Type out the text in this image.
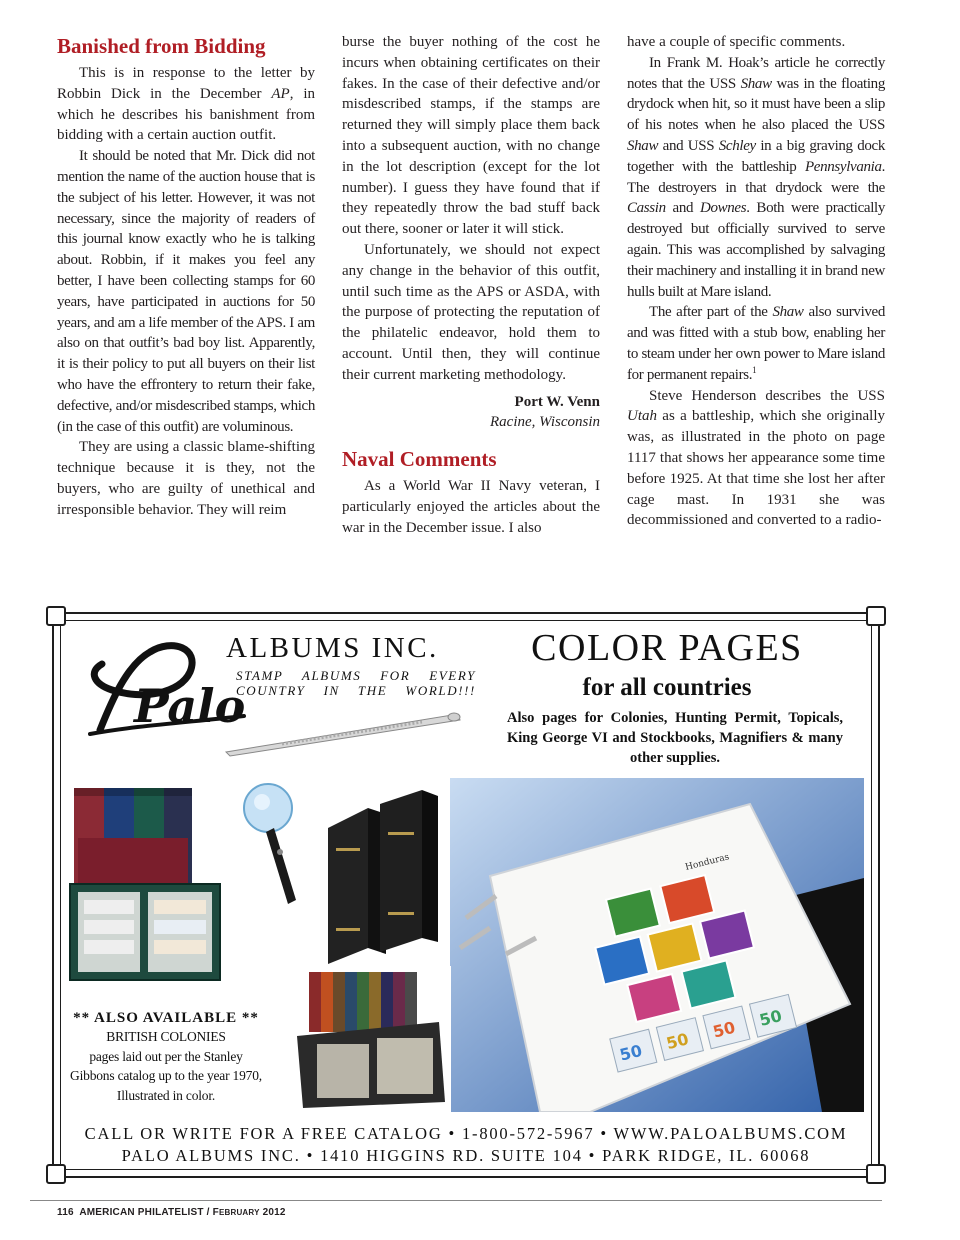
Banished from Bidding

This is in response to the letter by Robbin Dick in the December AP, in which he describes his banishment from bidding with a certain auction outfit.

It should be noted that Mr. Dick did not mention the name of the auction house that is the subject of his letter. However, it was not necessary, since the majority of readers of this journal know exactly who he is talking about. Robbin, if it makes you feel any better, I have been collecting stamps for 60 years, have participated in auctions for 50 years, and am a life member of the APS. I am also on that outfit’s bad boy list. Apparently, it is their policy to put all buyers on their list who have the effrontery to return their fake, defective, and/or misdescribed stamps, which (in the case of this outfit) are voluminous.

They are using a classic blame-shifting technique because it is they, not the buyers, who are guilty of unethical and irresponsible behavior. They will reim

burse the buyer nothing of the cost he incurs when obtaining certificates on their fakes. In the case of their defective and/or misdescribed stamps, if the stamps are returned they will simply place them back into a subsequent auction, with no change in the lot description (except for the lot number). I guess they have found that if they repeatedly throw the bad stuff back out there, sooner or later it will stick.

Unfortunately, we should not expect any change in the behavior of this outfit, until such time as the APS or ASDA, with the purpose of protecting the reputation of the philatelic endeavor, hold them to account. Until then, they will continue their current marketing methodology.

Port W. Venn

Racine, Wisconsin

Naval Comments

As a World War II Navy veteran, I particularly enjoyed the articles about the war in the December issue. I also

have a couple of specific comments.

In Frank M. Hoak’s article he correctly notes that the USS Shaw was in the floating drydock when hit, so it must have been a slip of his notes when he also placed the USS Shaw and USS Schley in a big graving dock together with the battleship Pennsylvania. The destroyers in that drydock were the Cassin and Downes. Both were practically destroyed but officially survived to serve again. This was accomplished by salvaging their machinery and installing it in brand new hulls built at Mare island.

The after part of the Shaw also survived and was fitted with a stub bow, enabling her to steam under her own power to Mare island for permanent repairs.$^1$

Steve Henderson describes the USS Utah as a battleship, which she originally was, as illustrated in the photo on page 1117 that shows her appearance some time before 1925. At that time she lost her after cage mast. In 1931 she was decommissioned and converted to a radio-

Palo
ALBUMS INC.
STAMP ALBUMS FOR EVERY
COUNTRY IN THE WORLD!!!
COLOR PAGES
for all countries
Also pages for Colonies, Hunting Permit, Topicals, King George VI and Stockbooks, Magnifiers & many other supplies.
Honduras
50 50 50 50
** ALSO AVAILABLE **
BRITISH COLONIES
pages laid out per the Stanley Gibbons catalog up to the year 1970, Illustrated in color.
CALL OR WRITE FOR A FREE CATALOG • 1-800-572-5967 • WWW.PALOALBUMS.COM
PALO ALBUMS INC. • 1410 HIGGINS RD. SUITE 104 • PARK RIDGE, IL. 60068
116 AMERICAN PHILATELIST / FEBRUARY 2012
